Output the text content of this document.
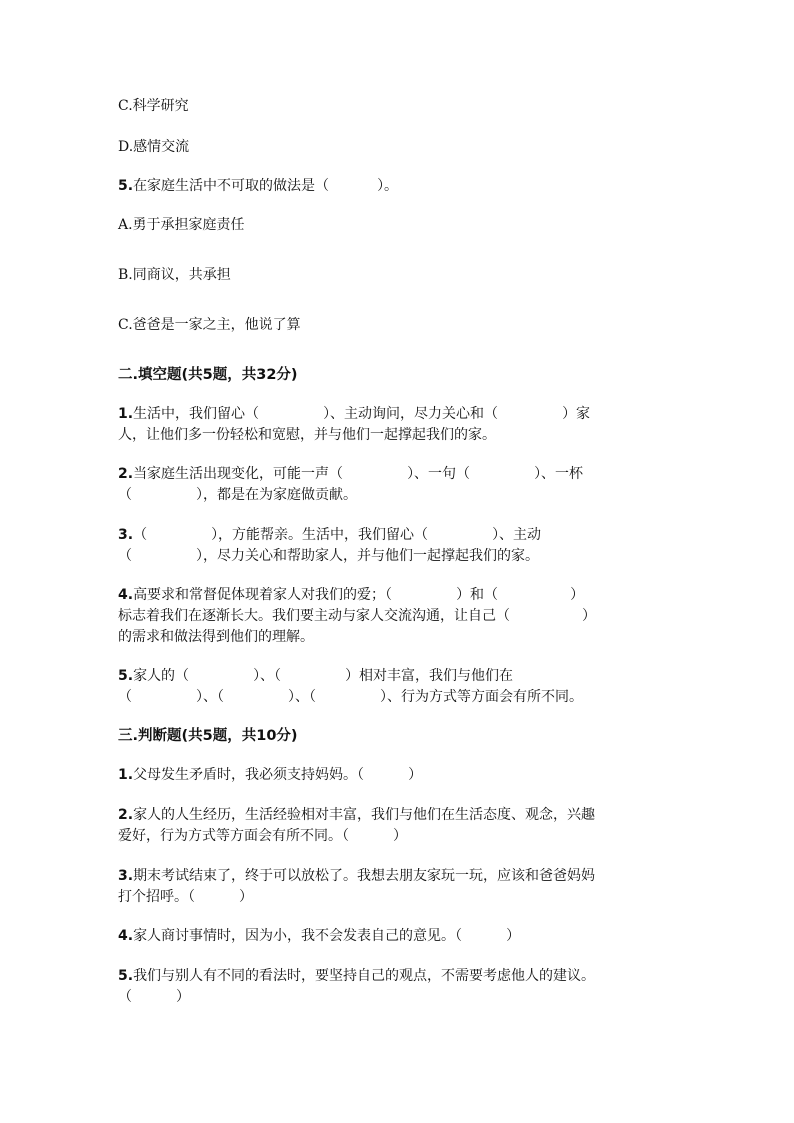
C.科学研究
D.感情交流
5.在家庭生活中不可取的做法是（	）。
A.勇于承担家庭责任
B.同商议，共承担
C.爸爸是一家之主，他说了算
二.填空题(共5题，共32分)
1.生活中，我们留心（	）、主动询问，尽力关心和（	）家
人，让他们多一份轻松和宽慰，并与他们一起撑起我们的家。
2.当家庭生活出现变化，可能一声（	）、一句（	）、一杯
（	），都是在为家庭做贡献。
3.（	），方能帮亲。生活中，我们留心（	）、主动
（	），尽力关心和帮助家人，并与他们一起撑起我们的家。
4.高要求和常督促体现着家人对我们的爱；（	）和（	）
标志着我们在逐渐长大。我们要主动与家人交流沟通，让自己（	）
的需求和做法得到他们的理解。
5.家人的（	）、（	）相对丰富，我们与他们在
（	）、（	）、（	）、行为方式等方面会有所不同。
三.判断题(共5题，共10分)
1.父母发生矛盾时，我必须支持妈妈。（	）
2.家人的人生经历，生活经验相对丰富，我们与他们在生活态度、观念，兴趣
爱好，行为方式等方面会有所不同。（	）
3.期末考试结束了，终于可以放松了。我想去朋友家玩一玩，应该和爸爸妈妈
打个招呼。（	）
4.家人商讨事情时，因为小，我不会发表自己的意见。（	）
5.我们与别人有不同的看法时，要坚持自己的观点，不需要考虑他人的建议。
（	）
